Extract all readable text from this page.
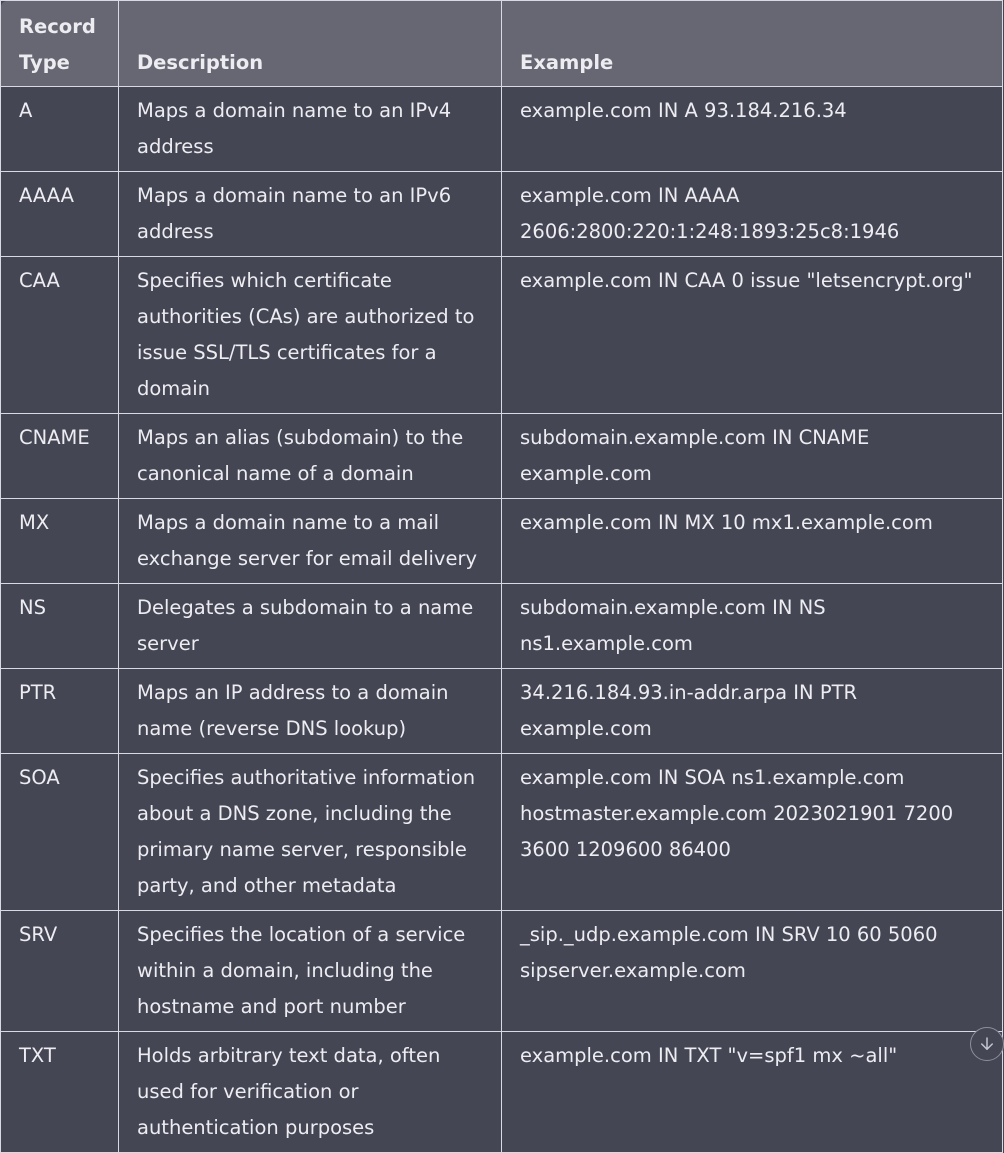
Record Type	Description	Example
A	Maps a domain name to an IPv4 address	example.com IN A 93.184.216.34
AAAA	Maps a domain name to an IPv6 address	example.com IN AAAA 2606:2800:220:1:248:1893:25c8:1946
CAA	Specifies which certificate authorities (CAs) are authorized to issue SSL/TLS certificates for a domain	example.com IN CAA 0 issue "letsencrypt.org"
CNAME	Maps an alias (subdomain) to the canonical name of a domain	subdomain.example.com IN CNAME example.com
MX	Maps a domain name to a mail exchange server for email delivery	example.com IN MX 10 mx1.example.com
NS	Delegates a subdomain to a name server	subdomain.example.com IN NS ns1.example.com
PTR	Maps an IP address to a domain name (reverse DNS lookup)	34.216.184.93.in-addr.arpa IN PTR example.com
SOA	Specifies authoritative information about a DNS zone, including the primary name server, responsible party, and other metadata	example.com IN SOA ns1.example.com hostmaster.example.com 2023021901 7200 3600 1209600 86400
SRV	Specifies the location of a service within a domain, including the hostname and port number	_sip._udp.example.com IN SRV 10 60 5060 sipserver.example.com
TXT	Holds arbitrary text data, often used for verification or authentication purposes	example.com IN TXT "v=spf1 mx ~all"
